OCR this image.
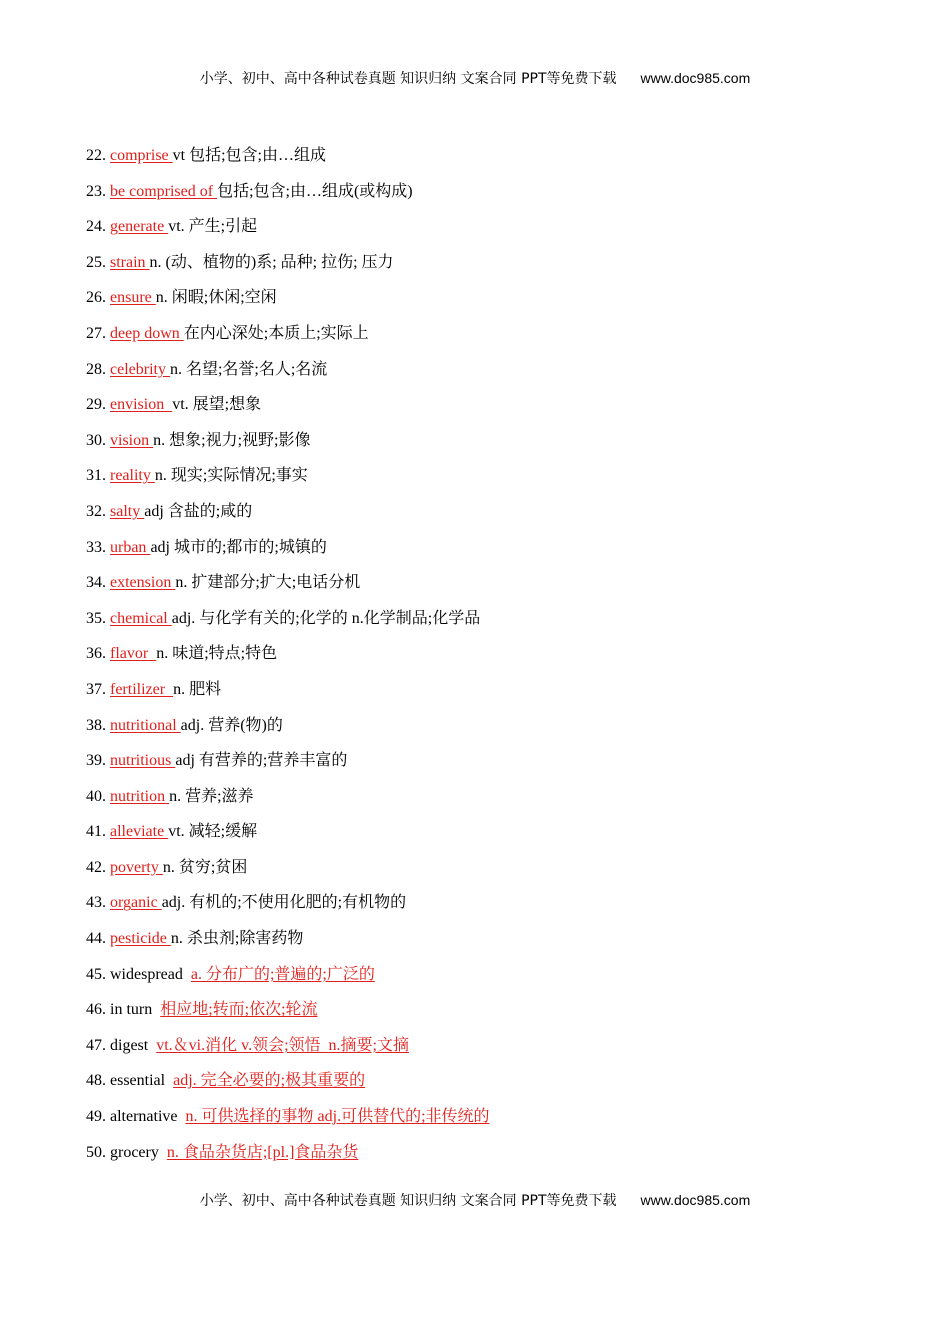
小学、初中、高中各种试卷真题 知识归纳 文案合同 PPT等免费下载 www.doc985.com
22. comprise vt 包括;包含;由…组成
23. be comprised of 包括;包含;由…组成(或构成)
24. generate vt. 产生;引起
25. strain n. (动、植物的)系; 品种; 拉伤; 压力
26. ensure n. 闲暇;休闲;空闲
27. deep down 在内心深处;本质上;实际上
28. celebrity n. 名望;名誉;名人;名流
29. envision  vt. 展望;想象
30. vision n. 想象;视力;视野;影像
31. reality n. 现实;实际情况;事实
32. salty adj 含盐的;咸的
33. urban adj 城市的;都市的;城镇的
34. extension n. 扩建部分;扩大;电话分机
35. chemical adj. 与化学有关的;化学的 n.化学制品;化学品
36. flavor  n. 味道;特点;特色
37. fertilizer  n. 肥料
38. nutritional adj. 营养(物)的
39. nutritious adj 有营养的;营养丰富的
40. nutrition n. 营养;滋养
41. alleviate vt. 减轻;缓解
42. poverty n. 贫穷;贫困
43. organic adj. 有机的;不使用化肥的;有机物的
44. pesticide n. 杀虫剂;除害药物
45. widespread a. 分布广的;普遍的;广泛的
46. in turn 相应地;转而;依次;轮流
47. digest vt.＆vi.消化 v.领会;领悟  n.摘要;文摘
48. essential adj. 完全必要的;极其重要的
49. alternative n. 可供选择的事物 adj.可供替代的;非传统的
50. grocery n. 食品杂货店;[pl.]食品杂货
小学、初中、高中各种试卷真题 知识归纳 文案合同 PPT等免费下载 www.doc985.com
